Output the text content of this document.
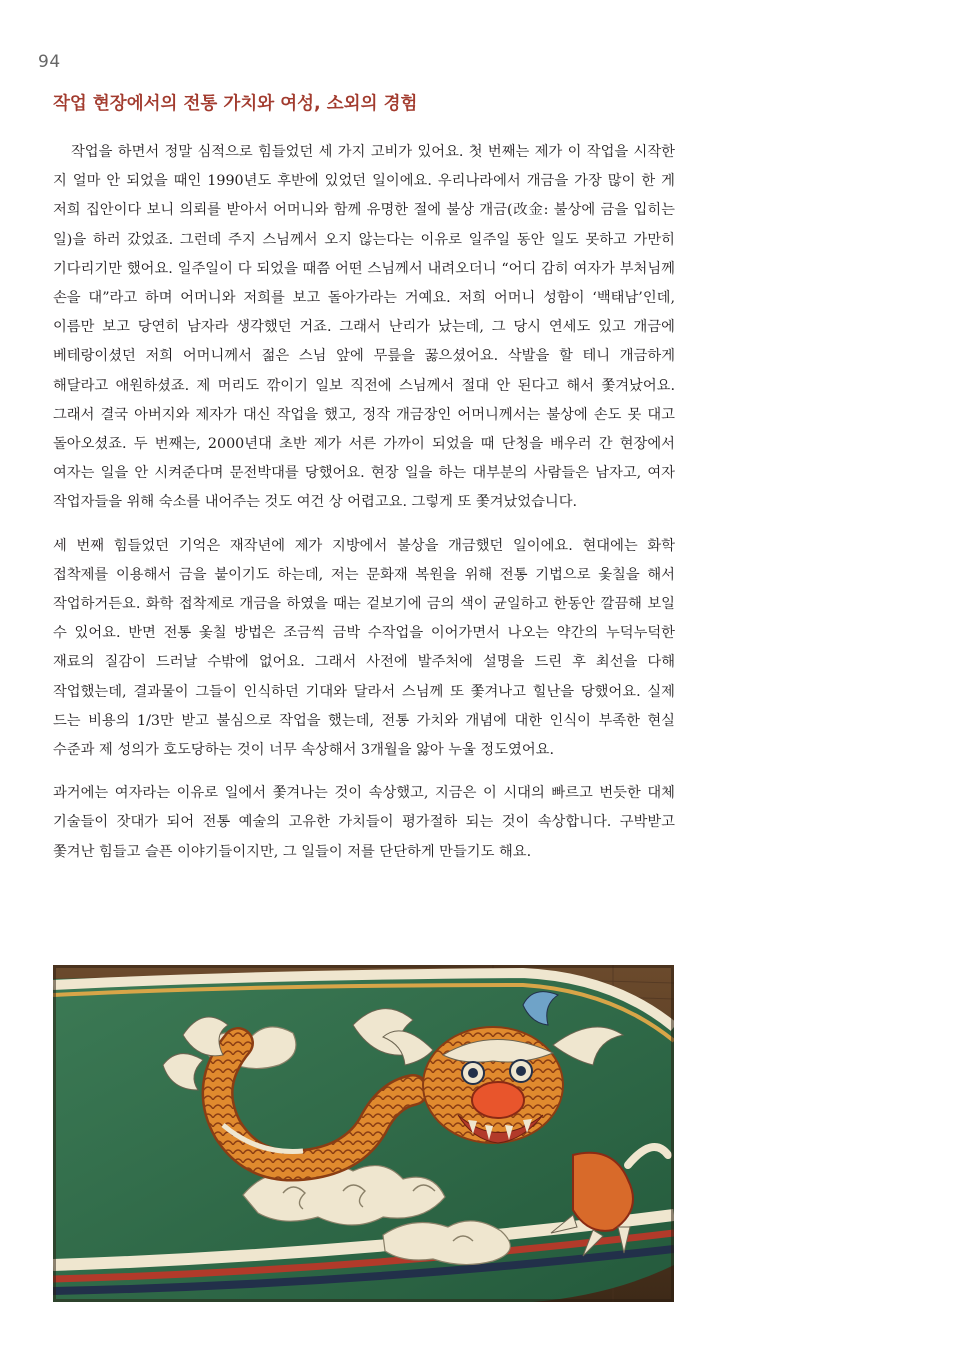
94
작업 현장에서의 전통 가치와 여성, 소외의 경험

작업을 하면서 정말 심적으로 힘들었던 세 가지 고비가 있어요. 첫 번째는 제가 이 작업을 시작한 지 얼마 안 되었을 때인 1990년도 후반에 있었던 일이에요. 우리나라에서 개금을 가장 많이 한 게 저희 집안이다 보니 의뢰를 받아서 어머니와 함께 유명한 절에 불상 개금(改金: 불상에 금을 입히는 일)을 하러 갔었죠. 그런데 주지 스님께서 오지 않는다는 이유로 일주일 동안 일도 못하고 가만히 기다리기만 했어요. 일주일이 다 되었을 때쯤 어떤 스님께서 내려오더니 “어디 감히 여자가 부처님께 손을 대”라고 하며 어머니와 저희를 보고 돌아가라는 거예요. 저희 어머니 성함이 ‘백태남’인데, 이름만 보고 당연히 남자라 생각했던 거죠. 그래서 난리가 났는데, 그 당시 연세도 있고 개금에 베테랑이셨던 저희 어머니께서 젊은 스님 앞에 무릎을 꿇으셨어요. 삭발을 할 테니 개금하게 해달라고 애원하셨죠. 제 머리도 깎이기 일보 직전에 스님께서 절대 안 된다고 해서 쫓겨났어요. 그래서 결국 아버지와 제자가 대신 작업을 했고, 정작 개금장인 어머니께서는 불상에 손도 못 대고 돌아오셨죠. 두 번째는, 2000년대 초반 제가 서른 가까이 되었을 때 단청을 배우러 간 현장에서 여자는 일을 안 시켜준다며 문전박대를 당했어요. 현장 일을 하는 대부분의 사람들은 남자고, 여자 작업자들을 위해 숙소를 내어주는 것도 여건 상 어렵고요. 그렇게 또 쫓겨났었습니다.

세 번째 힘들었던 기억은 재작년에 제가 지방에서 불상을 개금했던 일이에요. 현대에는 화학 접착제를 이용해서 금을 붙이기도 하는데, 저는 문화재 복원을 위해 전통 기법으로 옻칠을 해서 작업하거든요. 화학 접착제로 개금을 하였을 때는 겉보기에 금의 색이 균일하고 한동안 깔끔해 보일 수 있어요. 반면 전통 옻칠 방법은 조금씩 금박 수작업을 이어가면서 나오는 약간의 누덕누덕한 재료의 질감이 드러날 수밖에 없어요. 그래서 사전에 발주처에 설명을 드린 후 최선을 다해 작업했는데, 결과물이 그들이 인식하던 기대와 달라서 스님께 또 쫓겨나고 힐난을 당했어요. 실제 드는 비용의 1/3만 받고 불심으로 작업을 했는데, 전통 가치와 개념에 대한 인식이 부족한 현실 수준과 제 성의가 호도당하는 것이 너무 속상해서 3개월을 앓아 누울 정도였어요.

과거에는 여자라는 이유로 일에서 쫓겨나는 것이 속상했고, 지금은 이 시대의 빠르고 번듯한 대체 기술들이 잣대가 되어 전통 예술의 고유한 가치들이 평가절하 되는 것이 속상합니다. 구박받고 쫓겨난 힘들고 슬픈 이야기들이지만, 그 일들이 저를 단단하게 만들기도 해요.
